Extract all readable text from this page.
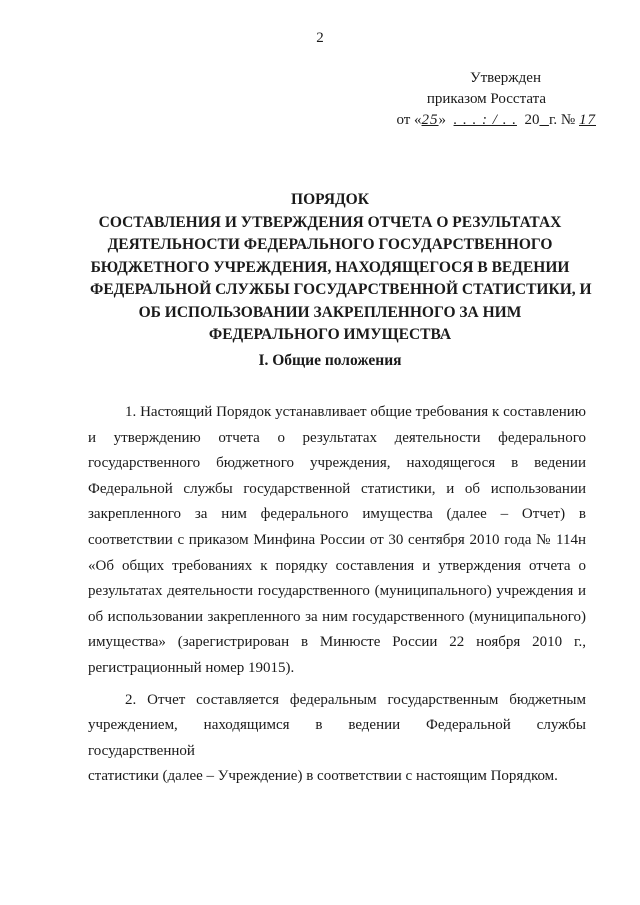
2
Утвержден
приказом Росстата
от «25» . . . : / . . 20 г. № 17
ПОРЯДОК
СОСТАВЛЕНИЯ И УТВЕРЖДЕНИЯ ОТЧЕТА О РЕЗУЛЬТАТАХ
ДЕЯТЕЛЬНОСТИ ФЕДЕРАЛЬНОГО ГОСУДАРСТВЕННОГО
БЮДЖЕТНОГО УЧРЕЖДЕНИЯ, НАХОДЯЩЕГОСЯ В ВЕДЕНИИ
ФЕДЕРАЛЬНОЙ СЛУЖБЫ ГОСУДАРСТВЕННОЙ СТАТИСТИКИ, И
ОБ ИСПОЛЬЗОВАНИИ ЗАКРЕПЛЕННОГО ЗА НИМ
ФЕДЕРАЛЬНОГО ИМУЩЕСТВА
I. Общие положения

1. Настоящий Порядок устанавливает общие требования к составлению
и утверждению отчета о результатах деятельности федерального
государственного бюджетного учреждения, находящегося в ведении
Федеральной службы государственной статистики, и об использовании
закрепленного за ним федерального имущества (далее – Отчет) в
соответствии с приказом Минфина России от 30 сентября 2010 года № 114н
«Об общих требованиях к порядку составления и утверждения отчета о
результатах деятельности государственного (муниципального) учреждения и
об использовании закрепленного за ним государственного (муниципального)
имущества» (зарегистрирован в Минюсте России 22 ноября 2010 г.,
регистрационный номер 19015).

2. Отчет составляется федеральным государственным бюджетным
учреждением, находящимся в ведении Федеральной службы государственной
статистики (далее – Учреждение) в соответствии с настоящим Порядком.
